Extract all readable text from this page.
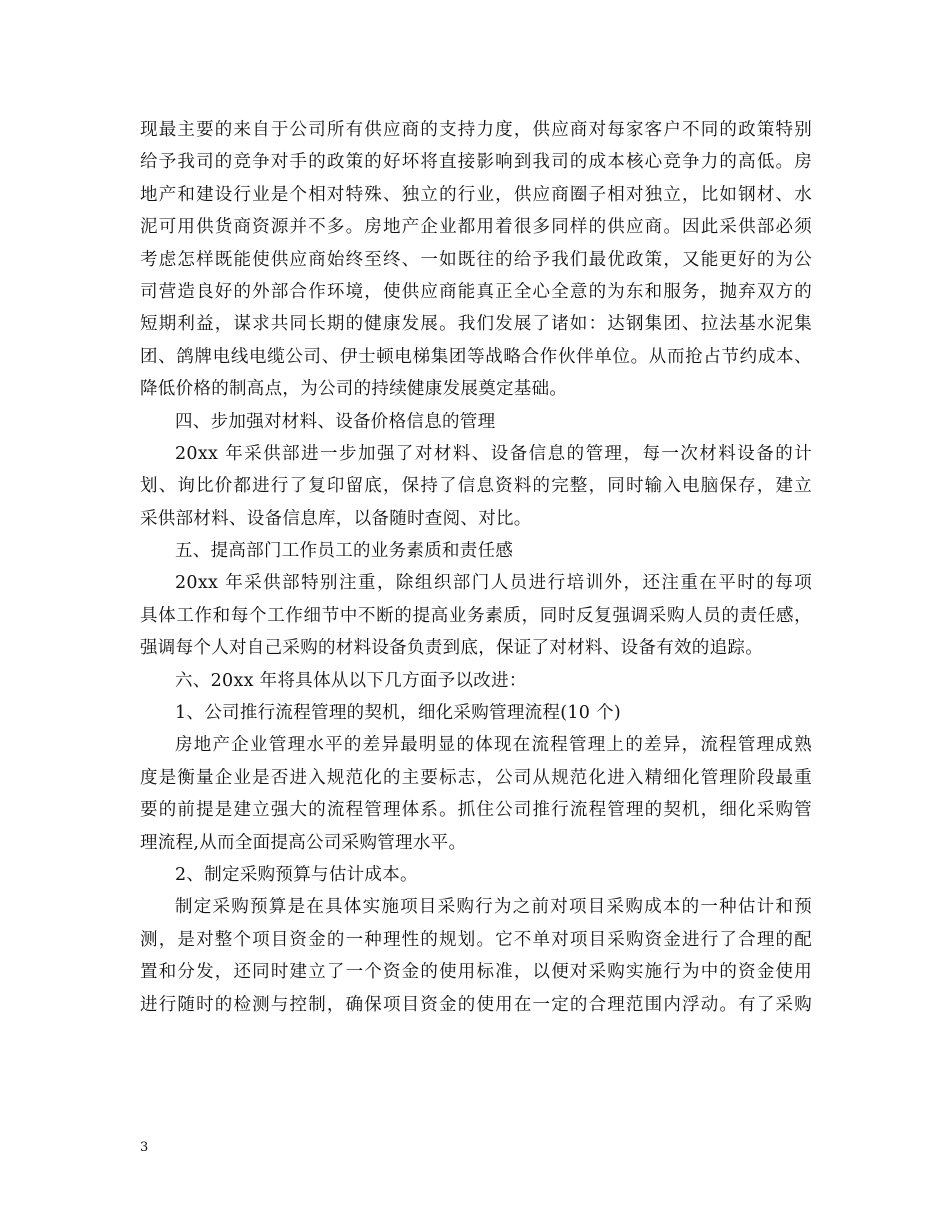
现最主要的来自于公司所有供应商的支持力度，供应商对每家客户不同的政策特别
给予我司的竞争对手的政策的好坏将直接影响到我司的成本核心竞争力的高低。房
地产和建设行业是个相对特殊、独立的行业，供应商圈子相对独立，比如钢材、水
泥可用供货商资源并不多。房地产企业都用着很多同样的供应商。因此采供部必须
考虑怎样既能使供应商始终至终、一如既往的给予我们最优政策，又能更好的为公
司营造良好的外部合作环境，使供应商能真正全心全意的为东和服务，抛弃双方的
短期利益，谋求共同长期的健康发展。我们发展了诸如：达钢集团、拉法基水泥集
团、鸽牌电线电缆公司、伊士顿电梯集团等战略合作伙伴单位。从而抢占节约成本、
降低价格的制高点，为公司的持续健康发展奠定基础。
四、步加强对材料、设备价格信息的管理
20xx 年采供部进一步加强了对材料、设备信息的管理，每一次材料设备的计
划、询比价都进行了复印留底，保持了信息资料的完整，同时输入电脑保存，建立
采供部材料、设备信息库，以备随时查阅、对比。
五、提高部门工作员工的业务素质和责任感
20xx 年采供部特别注重，除组织部门人员进行培训外，还注重在平时的每项
具体工作和每个工作细节中不断的提高业务素质，同时反复强调采购人员的责任感，
强调每个人对自己采购的材料设备负责到底，保证了对材料、设备有效的追踪。
六、20xx 年将具体从以下几方面予以改进：
1、公司推行流程管理的契机，细化采购管理流程(10 个)
房地产企业管理水平的差异最明显的体现在流程管理上的差异，流程管理成熟
度是衡量企业是否进入规范化的主要标志，公司从规范化进入精细化管理阶段最重
要的前提是建立强大的流程管理体系。抓住公司推行流程管理的契机，细化采购管
理流程,从而全面提高公司采购管理水平。
2、制定采购预算与估计成本。
制定采购预算是在具体实施项目采购行为之前对项目采购成本的一种估计和预
测，是对整个项目资金的一种理性的规划。它不单对项目采购资金进行了合理的配
置和分发，还同时建立了一个资金的使用标准，以便对采购实施行为中的资金使用
进行随时的检测与控制，确保项目资金的使用在一定的合理范围内浮动。有了采购
3
